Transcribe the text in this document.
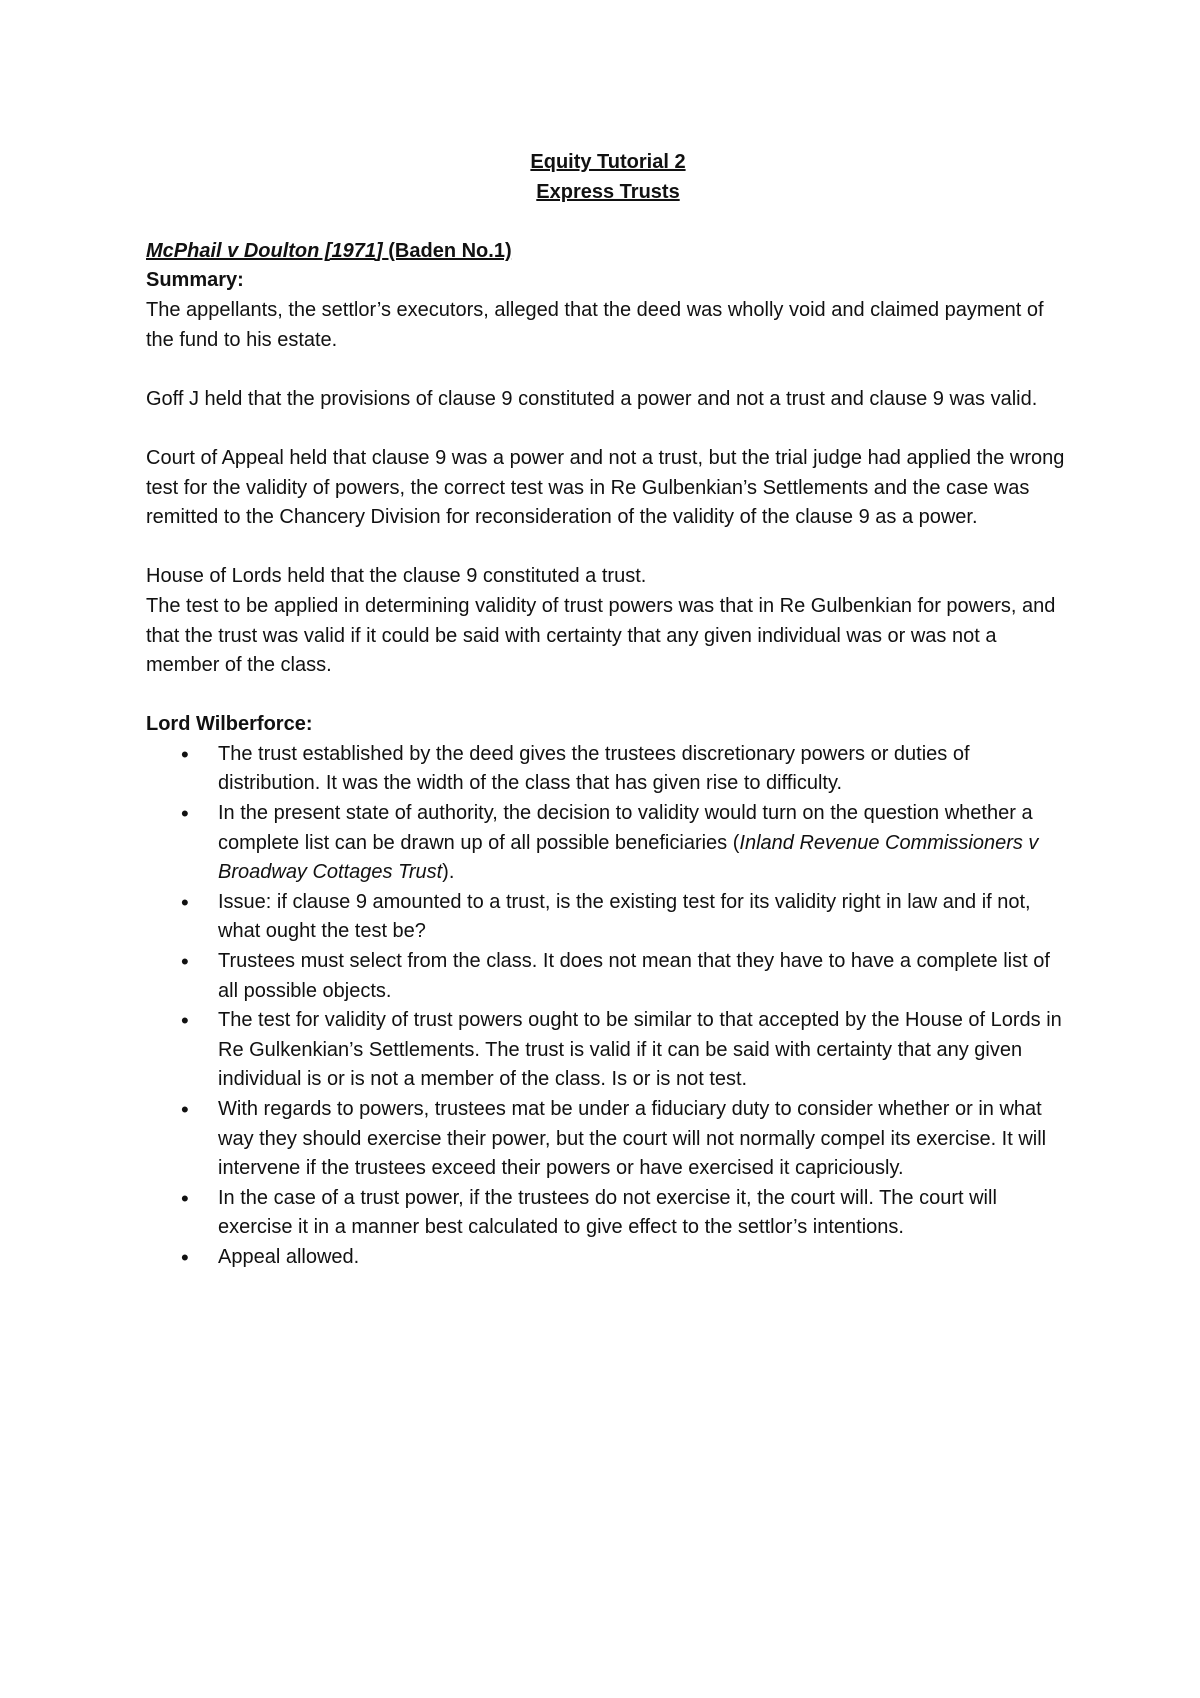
Equity Tutorial 2

Express Trusts

McPhail v Doulton [1971] (Baden No.1)

Summary:

The appellants, the settlor’s executors, alleged that the deed was wholly void and claimed payment of the fund to his estate.

Goff J held that the provisions of clause 9 constituted a power and not a trust and clause 9 was valid.

Court of Appeal held that clause 9 was a power and not a trust, but the trial judge had applied the wrong test for the validity of powers, the correct test was in Re Gulbenkian’s Settlements and the case was remitted to the Chancery Division for reconsideration of the validity of the clause 9 as a power.

House of Lords held that the clause 9 constituted a trust.

The test to be applied in determining validity of trust powers was that in Re Gulbenkian for powers, and that the trust was valid if it could be said with certainty that any given individual was or was not a member of the class.

Lord Wilberforce:

• The trust established by the deed gives the trustees discretionary powers or duties of distribution. It was the width of the class that has given rise to difficulty.
• In the present state of authority, the decision to validity would turn on the question whether a complete list can be drawn up of all possible beneficiaries (Inland Revenue Commissioners v Broadway Cottages Trust).
• Issue: if clause 9 amounted to a trust, is the existing test for its validity right in law and if not, what ought the test be?
• Trustees must select from the class. It does not mean that they have to have a complete list of all possible objects.
• The test for validity of trust powers ought to be similar to that accepted by the House of Lords in Re Gulkenkian’s Settlements. The trust is valid if it can be said with certainty that any given individual is or is not a member of the class. Is or is not test.
• With regards to powers, trustees mat be under a fiduciary duty to consider whether or in what way they should exercise their power, but the court will not normally compel its exercise. It will intervene if the trustees exceed their powers or have exercised it capriciously.
• In the case of a trust power, if the trustees do not exercise it, the court will. The court will exercise it in a manner best calculated to give effect to the settlor’s intentions.
• Appeal allowed.
